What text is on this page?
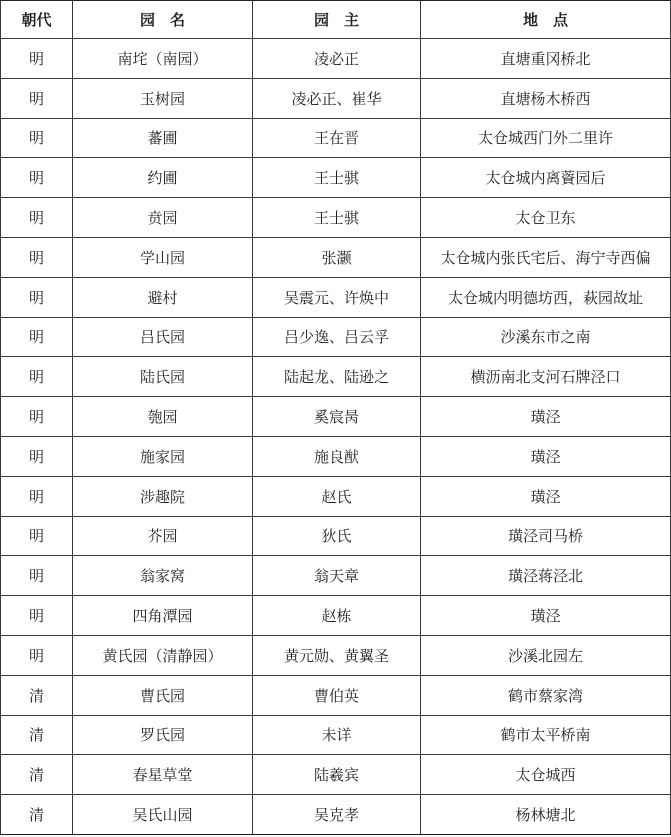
朝代	园　名	园　主	地　点
明	南垞（南园）	凌必正	直塘重冈桥北
明	玉树园	凌必正、崔华	直塘杨木桥西
明	蕃圃	王在晋	太仓城西门外二里许
明	约圃	王士骐	太仓城内离薋园后
明	贲园	王士骐	太仓卫东
明	学山园	张灏	太仓城内张氏宅后、海宁寺西偏
明	避村	吴震元、许焕中	太仓城内明德坊西，萩园故址
明	吕氏园	吕少逸、吕云孚	沙溪东市之南
明	陆氏园	陆起龙、陆逊之	横沥南北支河石牌泾口
明	匏园	奚宸昺	璜泾
明	施家园	施良猷	璜泾
明	涉趣院	赵氏	璜泾
明	芥园	狄氏	璜泾司马桥
明	翁家窝	翁天章	璜泾蒋泾北
明	四角潭园	赵栋	璜泾
明	黄氏园（清静园）	黄元勋、黄翼圣	沙溪北园左
清	曹氏园	曹伯英	鹤市蔡家湾
清	罗氏园	未详	鹤市太平桥南
清	春星草堂	陆羲宾	太仓城西
清	吴氏山园	吴克孝	杨林塘北
